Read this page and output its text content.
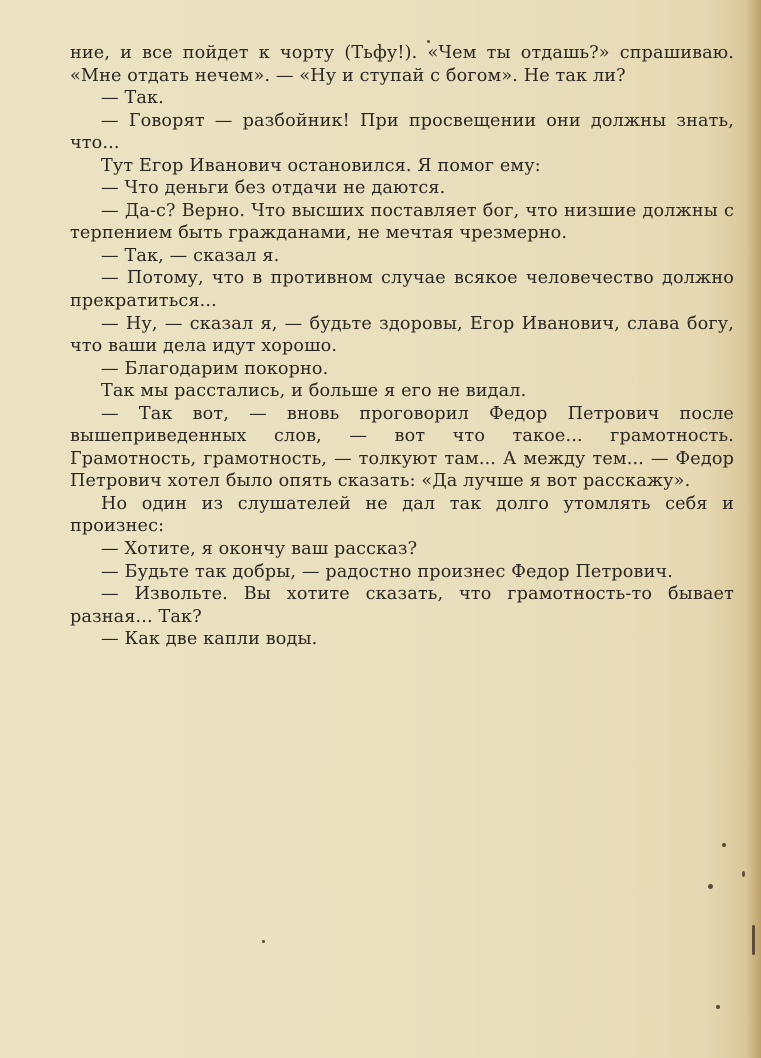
ние, и все пойдет к чорту (Тьфу!). «Чем ты отдашь?» спрашиваю. «Мне отдать нечем». — «Ну и ступай с богом». Не так ли?

— Так.

— Говорят — разбойник! При просвещении они должны знать, что...

Тут Егор Иванович остановился. Я помог ему:

— Что деньги без отдачи не даются.

— Да-с? Верно. Что высших поставляет бог, что низшие должны с терпением быть гражданами, не мечтая чрезмерно.

— Так, — сказал я.

— Потому, что в противном случае всякое человечество должно прекратиться...

— Ну, — сказал я, — будьте здоровы, Егор Иванович, слава богу, что ваши дела идут хорошо.

— Благодарим покорно.

Так мы расстались, и больше я его не видал.

— Так вот, — вновь проговорил Федор Петрович после вышеприведенных слов, — вот что такое... грамотность. Грамотность, грамотность, — толкуют там... А между тем... — Федор Петрович хотел было опять сказать: «Да лучше я вот расскажу».

Но один из слушателей не дал так долго утомлять себя и произнес:

— Хотите, я окончу ваш рассказ?

— Будьте так добры, — радостно произнес Федор Петрович.

— Извольте. Вы хотите сказать, что грамотность-то бывает разная... Так?

— Как две капли воды.
